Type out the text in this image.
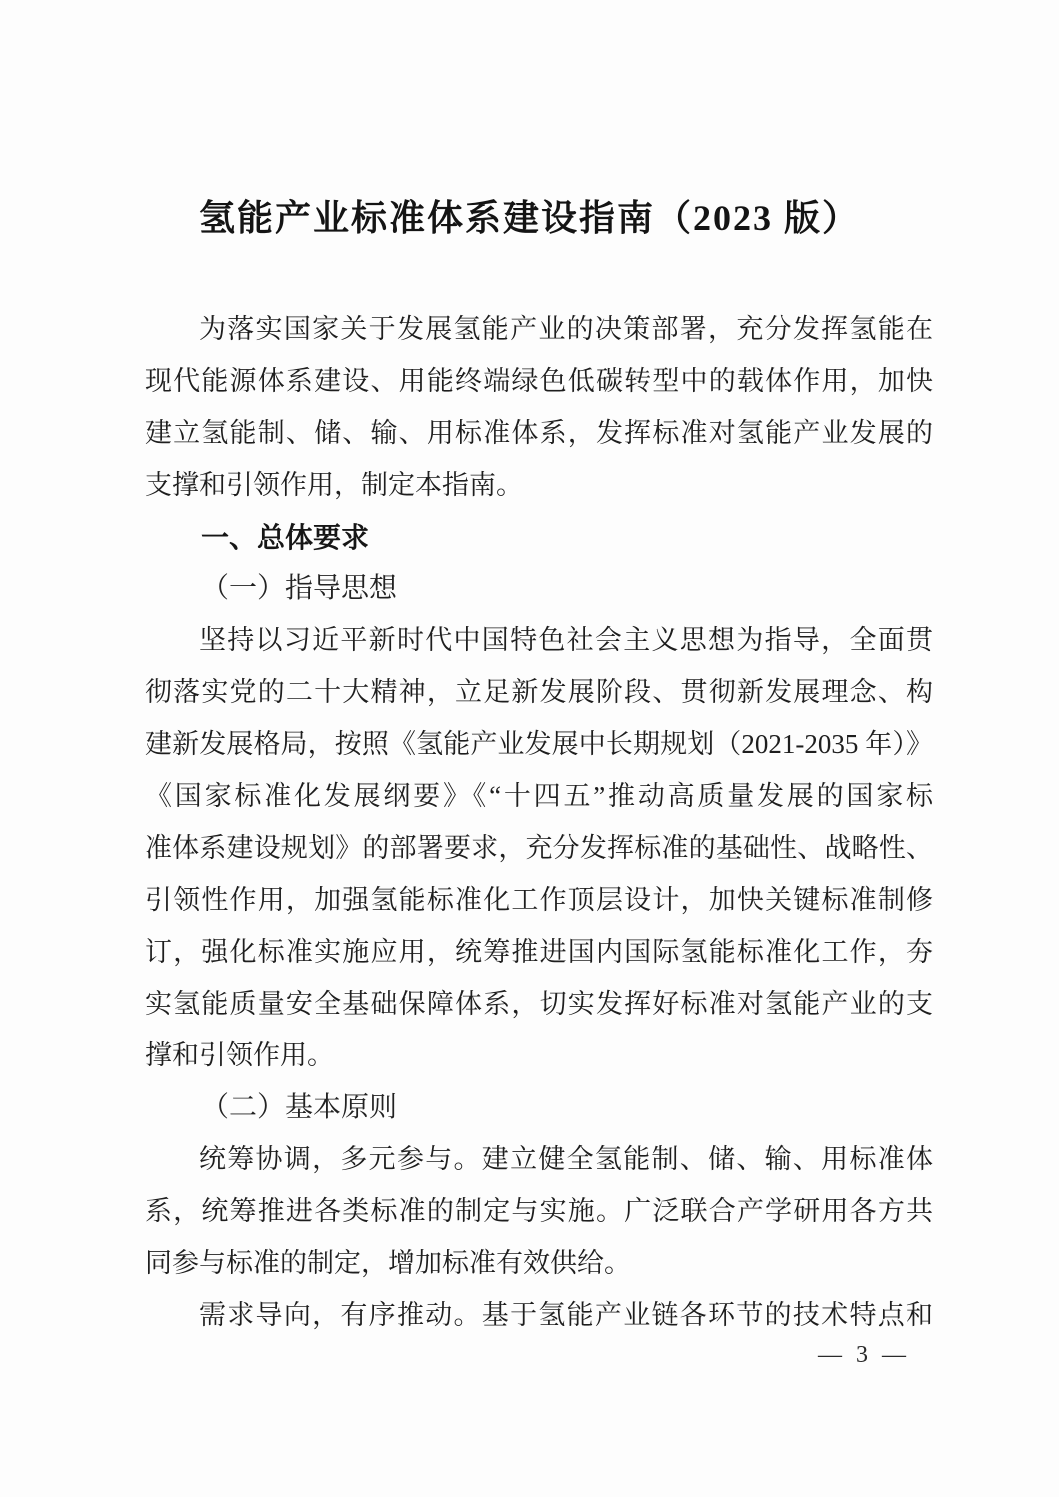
氢能产业标准体系建设指南（2023 版）
为落实国家关于发展氢能产业的决策部署，充分发挥氢能在
现代能源体系建设、用能终端绿色低碳转型中的载体作用，加快
建立氢能制、储、输、用标准体系，发挥标准对氢能产业发展的
支撑和引领作用，制定本指南。
一、总体要求
（一）指导思想
坚持以习近平新时代中国特色社会主义思想为指导，全面贯
彻落实党的二十大精神，立足新发展阶段、贯彻新发展理念、构
建新发展格局，按照《氢能产业发展中长期规划（2021-2035 年）》
《国家标准化发展纲要》《“十四五”推动高质量发展的国家标
准体系建设规划》的部署要求，充分发挥标准的基础性、战略性、
引领性作用，加强氢能标准化工作顶层设计，加快关键标准制修
订，强化标准实施应用，统筹推进国内国际氢能标准化工作，夯
实氢能质量安全基础保障体系，切实发挥好标准对氢能产业的支
撑和引领作用。
（二）基本原则
统筹协调，多元参与。建立健全氢能制、储、输、用标准体
系，统筹推进各类标准的制定与实施。广泛联合产学研用各方共
同参与标准的制定，增加标准有效供给。
需求导向，有序推动。基于氢能产业链各环节的技术特点和
— 3 —
